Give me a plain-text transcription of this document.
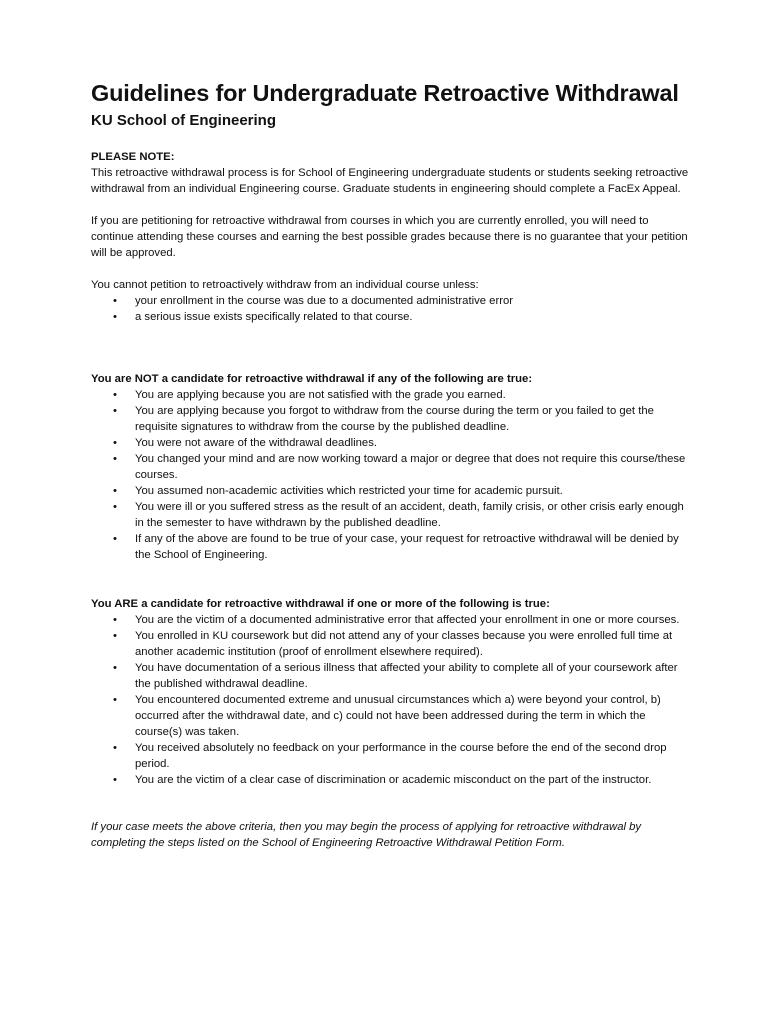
Guidelines for Undergraduate Retroactive Withdrawal
KU School of Engineering

PLEASE NOTE:

This retroactive withdrawal process is for School of Engineering undergraduate students or students seeking retroactive withdrawal from an individual Engineering course. Graduate students in engineering should complete a FacEx Appeal.

If you are petitioning for retroactive withdrawal from courses in which you are currently enrolled, you will need to continue attending these courses and earning the best possible grades because there is no guarantee that your petition will be approved.

You cannot petition to retroactively withdraw from an individual course unless:

• your enrollment in the course was due to a documented administrative error
• a serious issue exists specifically related to that course.

You are NOT a candidate for retroactive withdrawal if any of the following are true:

• You are applying because you are not satisfied with the grade you earned.
• You are applying because you forgot to withdraw from the course during the term or you failed to get the requisite signatures to withdraw from the course by the published deadline.
• You were not aware of the withdrawal deadlines.
• You changed your mind and are now working toward a major or degree that does not require this course/these courses.
• You assumed non-academic activities which restricted your time for academic pursuit.
• You were ill or you suffered stress as the result of an accident, death, family crisis, or other crisis early enough in the semester to have withdrawn by the published deadline.
• If any of the above are found to be true of your case, your request for retroactive withdrawal will be denied by the School of Engineering.

You ARE a candidate for retroactive withdrawal if one or more of the following is true:

• You are the victim of a documented administrative error that affected your enrollment in one or more courses.
• You enrolled in KU coursework but did not attend any of your classes because you were enrolled full time at another academic institution (proof of enrollment elsewhere required).
• You have documentation of a serious illness that affected your ability to complete all of your coursework after the published withdrawal deadline.
• You encountered documented extreme and unusual circumstances which a) were beyond your control, b) occurred after the withdrawal date, and c) could not have been addressed during the term in which the course(s) was taken.
• You received absolutely no feedback on your performance in the course before the end of the second drop period.
• You are the victim of a clear case of discrimination or academic misconduct on the part of the instructor.

If your case meets the above criteria, then you may begin the process of applying for retroactive withdrawal by completing the steps listed on the School of Engineering Retroactive Withdrawal Petition Form.
